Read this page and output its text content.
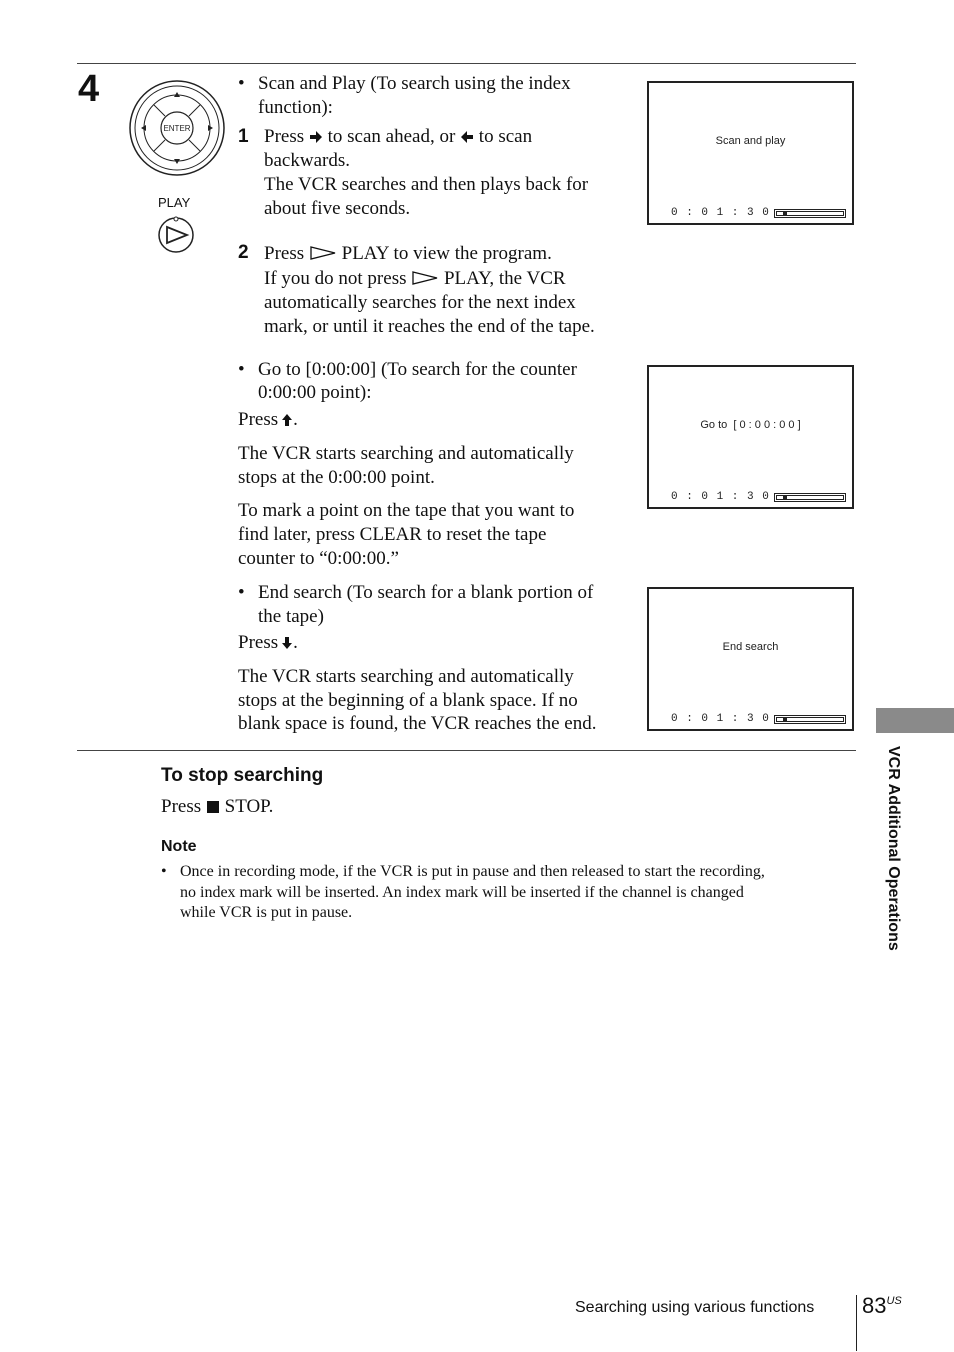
4
ENTER
PLAY
• Scan and Play (To search using the index
function):
1 Press to scan ahead, or to scan
backwards.
The VCR searches and then plays back for
about five seconds.
2 Press PLAY to view the program.
If you do not press PLAY, the VCR
automatically searches for the next index
mark, or until it reaches the end of the tape.
• Go to [0:00:00] (To search for the counter
0:00:00 point):
Press .
The VCR starts searching and automatically
stops at the 0:00:00 point.
To mark a point on the tape that you want to
find later, press CLEAR to reset the tape
counter to “0:00:00.”
• End search (To search for a blank portion of
the tape)
Press .
The VCR starts searching and automatically
stops at the beginning of a blank space. If no
blank space is found, the VCR reaches the end.
Scan and play
0 : 0 1 : 3 0
Go to  [ 0 : 0 0 : 0 0 ]
0 : 0 1 : 3 0
End search
0 : 0 1 : 3 0
To stop searching
Press STOP.
Note
• Once in recording mode, if the VCR is put in pause and then released to start the recording,
no index mark will be inserted. An index mark will be inserted if the channel is changed
while VCR is put in pause.	VCR Additional Operations
Searching using various functions $83^{US}$
